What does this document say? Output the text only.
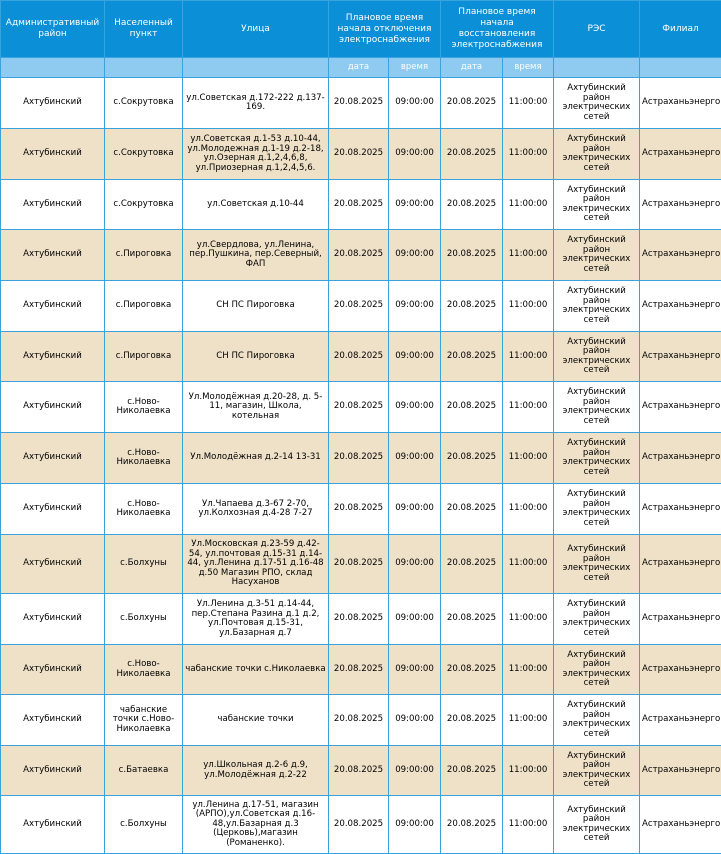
Административный район	Населенный пункт	Улица	Плановое время начала отключения электроснабжения		Плановое время начала восстановления электроснабжения		РЭС	Филиал
			дата	время	дата	время		
Ахтубинский	с.Сокрутовка	ул.Советская д.172-222 д.137-169.	20.08.2025	09:00:00	20.08.2025	11:00:00	Ахтубинский район электрических сетей	Астраханьэнерго
Ахтубинский	с.Сокрутовка	ул.Советская д.1-53 д.10-44, ул.Молодежная д.1-19 д.2-18, ул.Озерная д.1,2,4,6,8, ул.Приозерная д.1,2,4,5,6.	20.08.2025	09:00:00	20.08.2025	11:00:00	Ахтубинский район электрических сетей	Астраханьэнерго
Ахтубинский	с.Сокрутовка	ул.Советская д.10-44	20.08.2025	09:00:00	20.08.2025	11:00:00	Ахтубинский район электрических сетей	Астраханьэнерго
Ахтубинский	с.Пироговка	ул.Свердлова, ул.Ленина, пер.Пушкина, пер.Северный, ФАП	20.08.2025	09:00:00	20.08.2025	11:00:00	Ахтубинский район электрических сетей	Астраханьэнерго
Ахтубинский	с.Пироговка	СН ПС Пироговка	20.08.2025	09:00:00	20.08.2025	11:00:00	Ахтубинский район электрических сетей	Астраханьэнерго
Ахтубинский	с.Пироговка	СН ПС Пироговка	20.08.2025	09:00:00	20.08.2025	11:00:00	Ахтубинский район электрических сетей	Астраханьэнерго
Ахтубинский	с.Ново-Николаевка	Ул.Молодёжная д.20-28, д. 5-11, магазин, Школа, котельная	20.08.2025	09:00:00	20.08.2025	11:00:00	Ахтубинский район электрических сетей	Астраханьэнерго
Ахтубинский	с.Ново-Николаевка	Ул.Молодёжная д.2-14 13-31	20.08.2025	09:00:00	20.08.2025	11:00:00	Ахтубинский район электрических сетей	Астраханьэнерго
Ахтубинский	с.Ново-Николаевка	Ул.Чапаева д.3-67 2-70, ул.Колхозная д.4-28 7-27	20.08.2025	09:00:00	20.08.2025	11:00:00	Ахтубинский район электрических сетей	Астраханьэнерго
Ахтубинский	с.Болхуны	Ул.Московская д.23-59 д.42-54, ул.почтовая д.15-31 д.14-44, ул.Ленина д.17-51 д.16-48 д.50 Магазин РПО, склад Насуханов	20.08.2025	09:00:00	20.08.2025	11:00:00	Ахтубинский район электрических сетей	Астраханьэнерго
Ахтубинский	с.Болхуны	Ул.Ленина д.3-51 д.14-44, пер.Степана Разина д.1 д.2, ул.Почтовая д.15-31, ул.Базарная д.7	20.08.2025	09:00:00	20.08.2025	11:00:00	Ахтубинский район электрических сетей	Астраханьэнерго
Ахтубинский	с.Ново-Николаевка	чабанские точки с.Николаевка	20.08.2025	09:00:00	20.08.2025	11:00:00	Ахтубинский район электрических сетей	Астраханьэнерго
Ахтубинский	чабанские точки с.Ново-Николаевка	чабанские точки	20.08.2025	09:00:00	20.08.2025	11:00:00	Ахтубинский район электрических сетей	Астраханьэнерго
Ахтубинский	с.Батаевка	ул.Школьная д.2-6 д.9, ул.Молодёжная д.2-22	20.08.2025	09:00:00	20.08.2025	11:00:00	Ахтубинский район электрических сетей	Астраханьэнерго
Ахтубинский	с.Болхуны	ул.Ленина д.17-51, магазин (АРПО),ул.Советская д.16-48,ул.Базарная д.3 (Церковь),магазин (Романенко).	20.08.2025	09:00:00	20.08.2025	11:00:00	Ахтубинский район электрических сетей	Астраханьэнерго
